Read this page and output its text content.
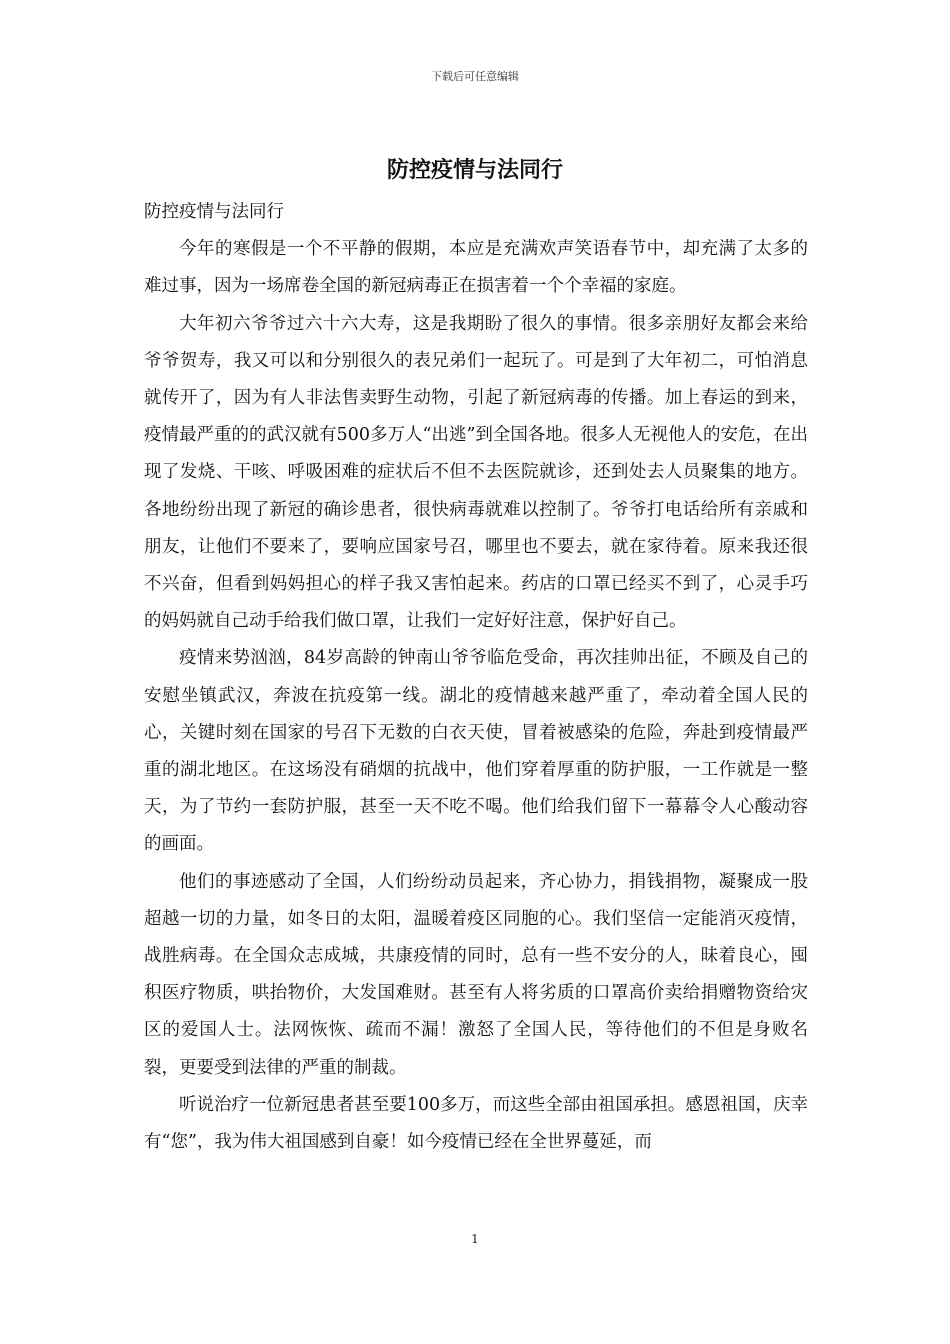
下载后可任意编辑
防控疫情与法同行

防控疫情与法同行

今年的寒假是一个不平静的假期，本应是充满欢声笑语春节中，却充满了太多的难过事，因为一场席卷全国的新冠病毒正在损害着一个个幸福的家庭。

大年初六爷爷过六十六大寿，这是我期盼了很久的事情。很多亲朋好友都会来给爷爷贺寿，我又可以和分别很久的表兄弟们一起玩了。可是到了大年初二，可怕消息就传开了，因为有人非法售卖野生动物，引起了新冠病毒的传播。加上春运的到来，疫情最严重的的武汉就有500多万人“出逃”到全国各地。很多人无视他人的安危，在出现了发烧、干咳、呼吸困难的症状后不但不去医院就诊，还到处去人员聚集的地方。各地纷纷出现了新冠的确诊患者，很快病毒就难以控制了。爷爷打电话给所有亲戚和朋友，让他们不要来了，要响应国家号召，哪里也不要去，就在家待着。原来我还很不兴奋，但看到妈妈担心的样子我又害怕起来。药店的口罩已经买不到了，心灵手巧的妈妈就自己动手给我们做口罩，让我们一定好好注意，保护好自己。

疫情来势汹汹，84岁高龄的钟南山爷爷临危受命，再次挂帅出征，不顾及自己的安慰坐镇武汉，奔波在抗疫第一线。湖北的疫情越来越严重了，牵动着全国人民的心，关键时刻在国家的号召下无数的白衣天使，冒着被感染的危险，奔赴到疫情最严重的湖北地区。在这场没有硝烟的抗战中，他们穿着厚重的防护服，一工作就是一整天，为了节约一套防护服，甚至一天不吃不喝。他们给我们留下一幕幕令人心酸动容的画面。

他们的事迹感动了全国，人们纷纷动员起来，齐心协力，捐钱捐物，凝聚成一股超越一切的力量，如冬日的太阳，温暖着疫区同胞的心。我们坚信一定能消灭疫情，战胜病毒。在全国众志成城，共康疫情的同时，总有一些不安分的人，昧着良心，囤积医疗物质，哄抬物价，大发国难财。甚至有人将劣质的口罩高价卖给捐赠物资给灾区的爱国人士。法网恢恢、疏而不漏！激怒了全国人民，等待他们的不但是身败名裂，更要受到法律的严重的制裁。

听说治疗一位新冠患者甚至要100多万，而这些全部由祖国承担。感恩祖国，庆幸有“您”，我为伟大祖国感到自豪！如今疫情已经在全世界蔓延，而

1
